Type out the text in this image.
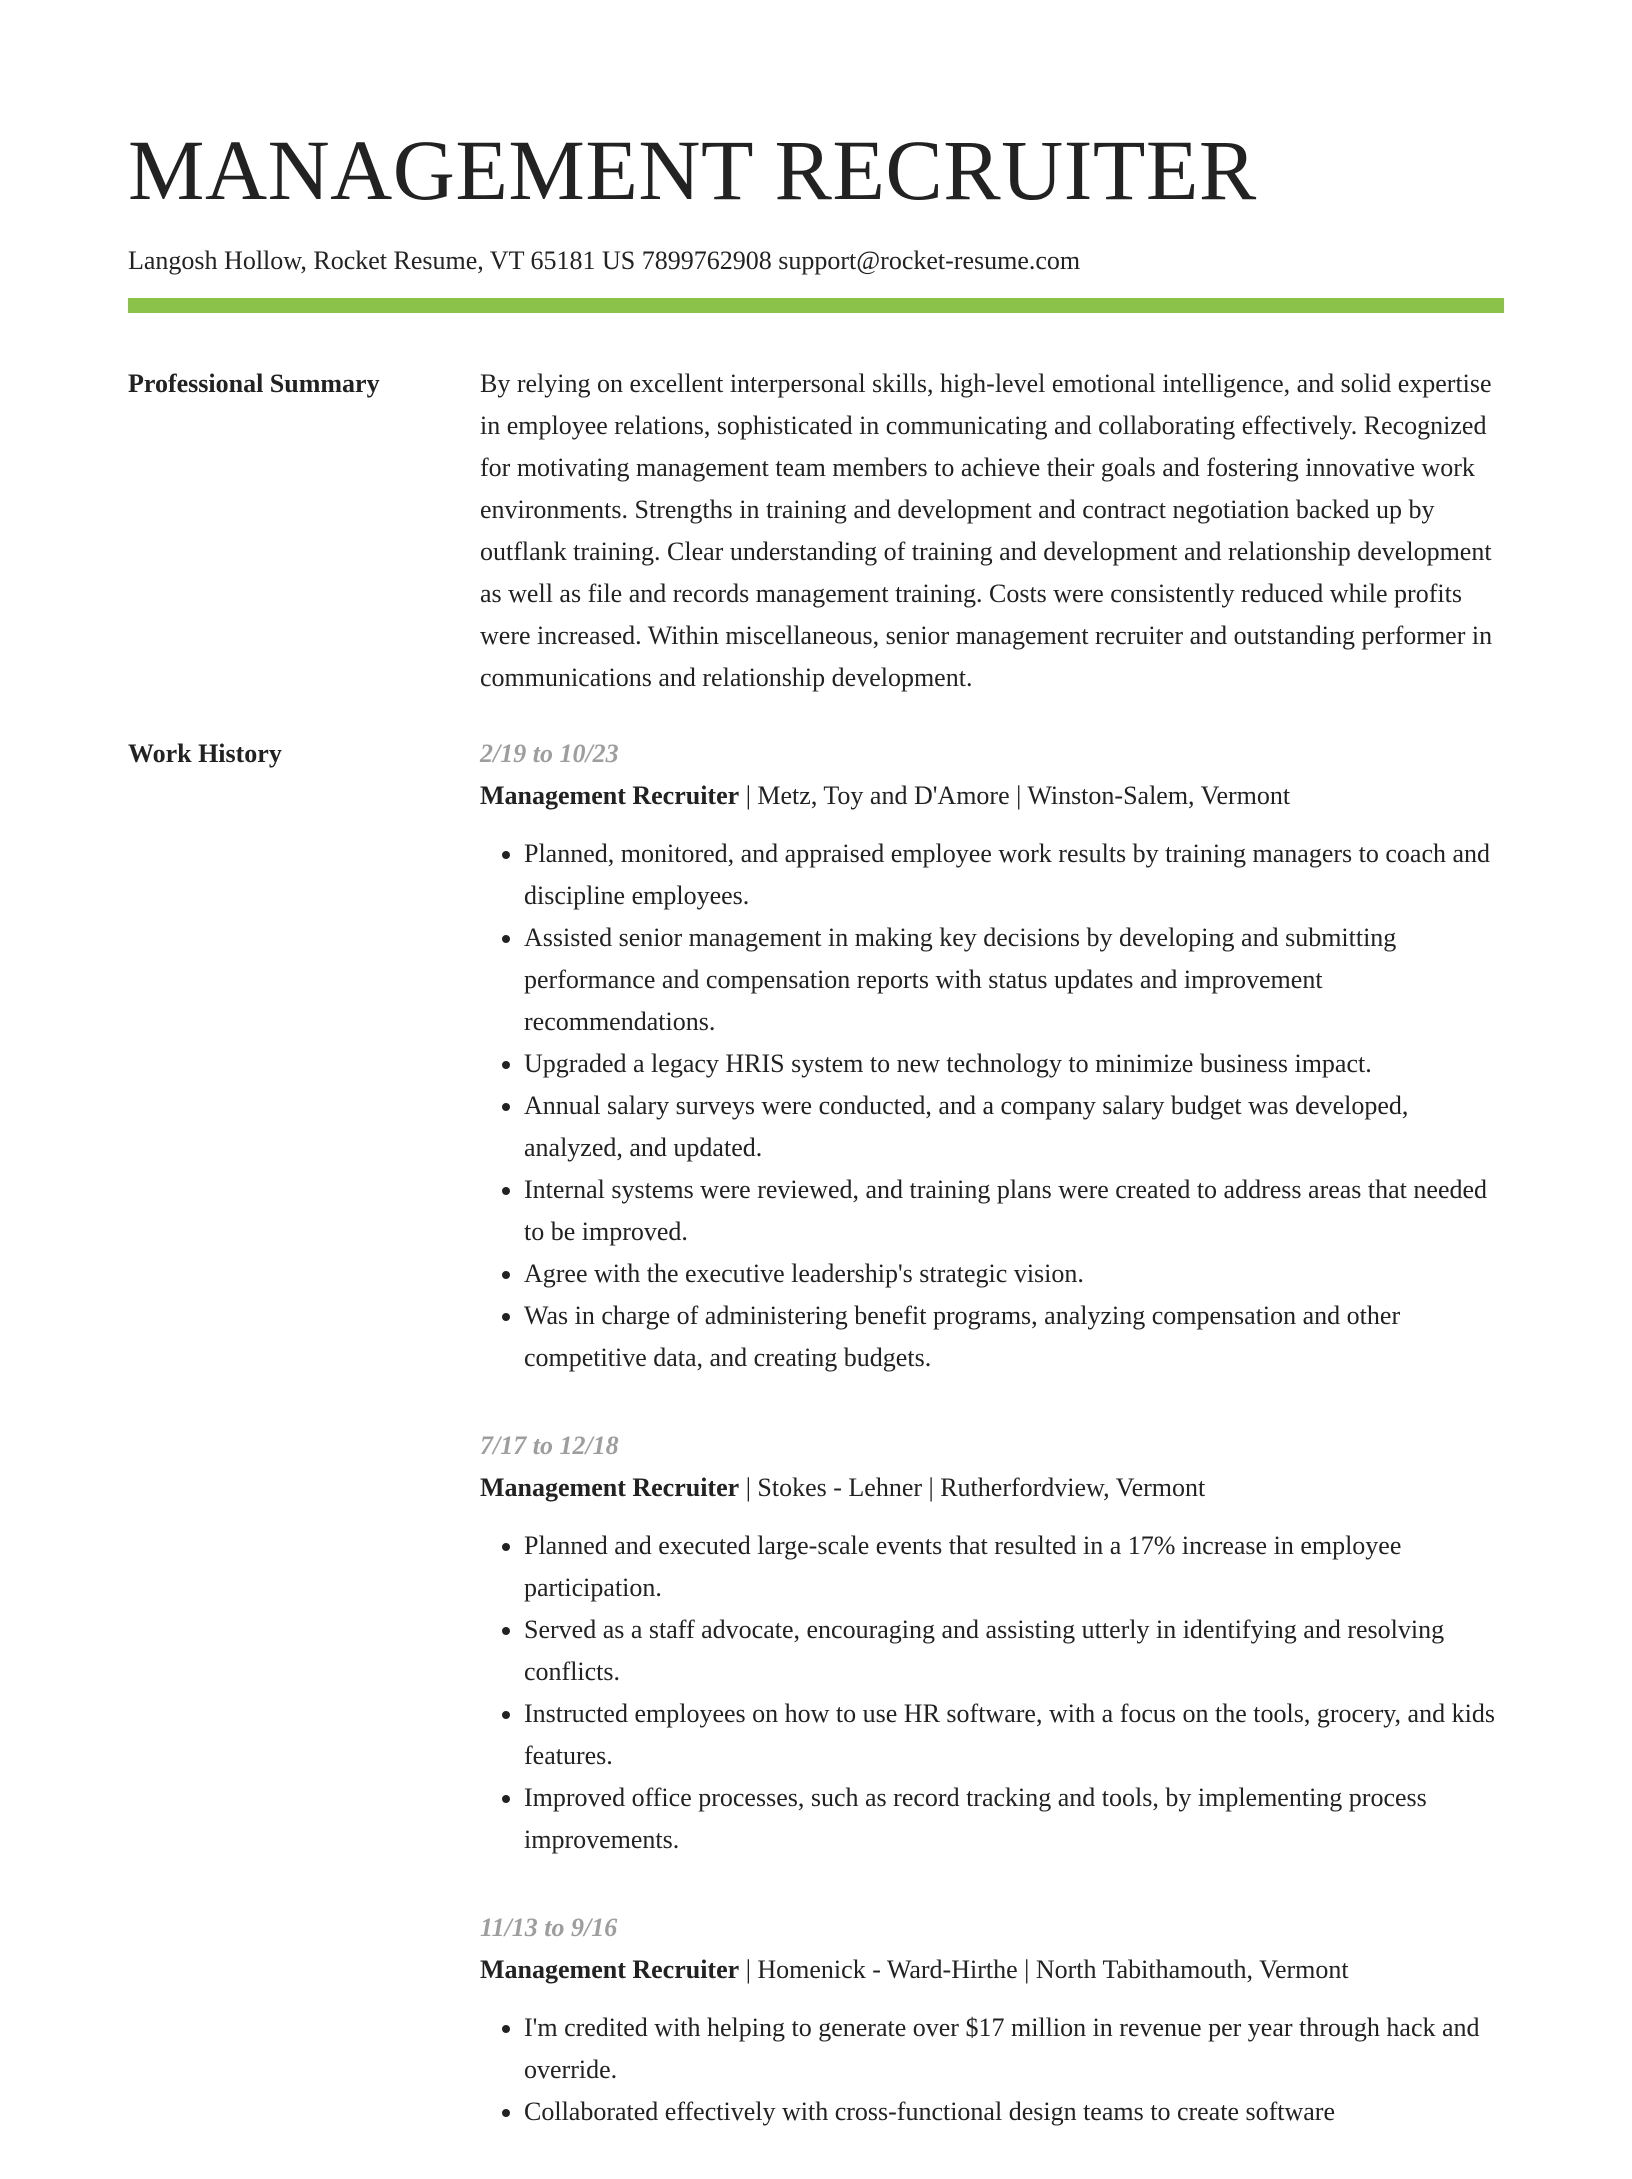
MANAGEMENT RECRUITER
Langosh Hollow, Rocket Resume, VT 65181 US 7899762908 support@rocket-resume.com
Professional Summary	By relying on excellent interpersonal skills, high-level emotional intelligence, and solid expertise in employee relations, sophisticated in communicating and collaborating effectively. Recognized for motivating management team members to achieve their goals and fostering innovative work environments. Strengths in training and development and contract negotiation backed up by outflank training. Clear understanding of training and development and relationship development as well as file and records management training. Costs were consistently reduced while profits were increased. Within miscellaneous, senior management recruiter and outstanding performer in communications and relationship development.

Work History	2/19 to 10/23
Management Recruiter | Metz, Toy and D'Amore | Winston-Salem, Vermont
• Planned, monitored, and appraised employee work results by training managers to coach and discipline employees.
• Assisted senior management in making key decisions by developing and submitting performance and compensation reports with status updates and improvement recommendations.
• Upgraded a legacy HRIS system to new technology to minimize business impact.
• Annual salary surveys were conducted, and a company salary budget was developed, analyzed, and updated.
• Internal systems were reviewed, and training plans were created to address areas that needed to be improved.
• Agree with the executive leadership's strategic vision.
• Was in charge of administering benefit programs, analyzing compensation and other competitive data, and creating budgets.
7/17 to 12/18
Management Recruiter | Stokes - Lehner | Rutherfordview, Vermont
• Planned and executed large-scale events that resulted in a 17% increase in employee participation.
• Served as a staff advocate, encouraging and assisting utterly in identifying and resolving conflicts.
• Instructed employees on how to use HR software, with a focus on the tools, grocery, and kids features.
• Improved office processes, such as record tracking and tools, by implementing process improvements.
11/13 to 9/16
Management Recruiter | Homenick - Ward-Hirthe | North Tabithamouth, Vermont
• I'm credited with helping to generate over $17 million in revenue per year through hack and override.
• Collaborated effectively with cross-functional design teams to create software
